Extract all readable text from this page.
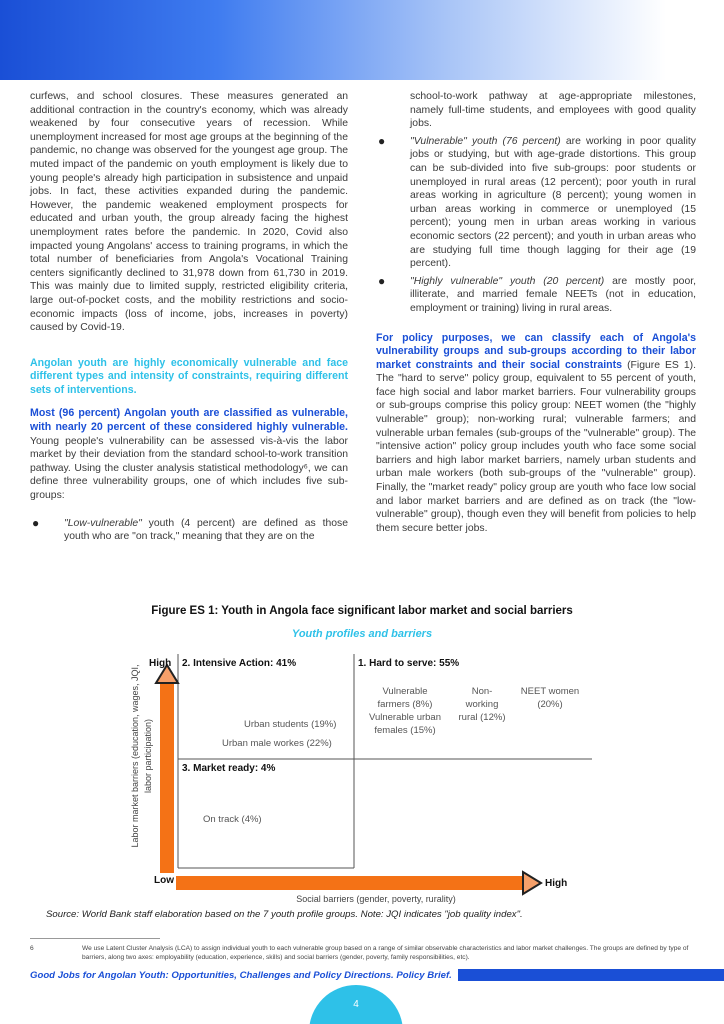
curfews, and school closures. These measures generated an additional contraction in the country's economy, which was already weakened by four consecutive years of recession. While unemployment increased for most age groups at the beginning of the pandemic, no change was observed for the youngest age group. The muted impact of the pandemic on youth employment is likely due to young people's already high participation in subsistence and unpaid jobs. In fact, these activities expanded during the pandemic. However, the pandemic weakened employment prospects for educated and urban youth, the group already facing the highest unemployment rates before the pandemic. In 2020, Covid also impacted young Angolans' access to training programs, in which the total number of beneficiaries from Angola's Vocational Training centers significantly declined to 31,978 down from 61,730 in 2019. This was mainly due to limited supply, restricted eligibility criteria, large out-of-pocket costs, and the mobility restrictions and socio-economic impacts (loss of income, jobs, increases in poverty) caused by Covid-19.

Angolan youth are highly economically vulnerable and face different types and intensity of constraints, requiring different sets of interventions.

Most (96 percent) Angolan youth are classified as vulnerable, with nearly 20 percent of these considered highly vulnerable. Young people's vulnerability can be assessed vis-à-vis the labor market by their deviation from the standard school-to-work transition pathway. Using the cluster analysis statistical methodology⁶, we can define three vulnerability groups, one of which includes five sub-groups:

● "Low-vulnerable" youth (4 percent) are defined as those youth who are "on track," meaning that they are on the
school-to-work pathway at age-appropriate milestones, namely full-time students, and employees with good quality jobs.
● "Vulnerable" youth (76 percent) are working in poor quality jobs or studying, but with age-grade distortions. This group can be sub-divided into five sub-groups: poor students or unemployed in rural areas (12 percent); poor youth in rural areas working in agriculture (8 percent); young women in urban areas working in commerce or unemployed (15 percent); young men in urban areas working in various economic sectors (22 percent); and youth in urban areas who are studying full time though lagging for their age (19 percent).
● "Highly vulnerable" youth (20 percent) are mostly poor, illiterate, and married female NEETs (not in education, employment or training) living in rural areas.

For policy purposes, we can classify each of Angola's vulnerability groups and sub-groups according to their labor market constraints and their social constraints (Figure ES 1). The "hard to serve" policy group, equivalent to 55 percent of youth, face high social and labor market barriers. Four vulnerability groups or sub-groups comprise this policy group: NEET women (the "highly vulnerable" group); non-working rural; vulnerable farmers; and vulnerable urban females (sub-groups of the "vulnerable" group). The "intensive action" policy group includes youth who face some social barriers and high labor market barriers, namely urban students and urban male workers (both sub-groups of the "vulnerable" group). Finally, the "market ready" policy group are youth who face low social and labor market barriers and are defined as on track (the "low-vulnerable" group), though even they will benefit from policies to help them secure better jobs.

Figure ES 1: Youth in Angola face significant labor market and social barriers
Youth profiles and barriers
High
Low	High
Labor market barriers (education, wages, JQI, labor participation)
Social barriers (gender, poverty, rurality)
2. Intensive Action: 41%	1. Hard to serve: 55%
3. Market ready: 4%
Vulnerable
farmers (8%)
Vulnerable urban
females (15%)
Non-
working
rural (12%)
NEET women
(20%)
Urban students (19%)
Urban male workes (22%)
On track (4%)
Source: World Bank staff elaboration based on the 7 youth profile groups. Note: JQI indicates "job quality index".
6	We use Latent Cluster Analysis (LCA) to assign individual youth to each vulnerable group based on a range of similar observable characteristics and labor market challenges. The groups are defined by type of barriers, along two axes: employability (education, experience, skills) and social barriers (gender, poverty, family responsibilities, etc).
Good Jobs for Angolan Youth: Opportunities, Challenges and Policy Directions. Policy Brief.
4
